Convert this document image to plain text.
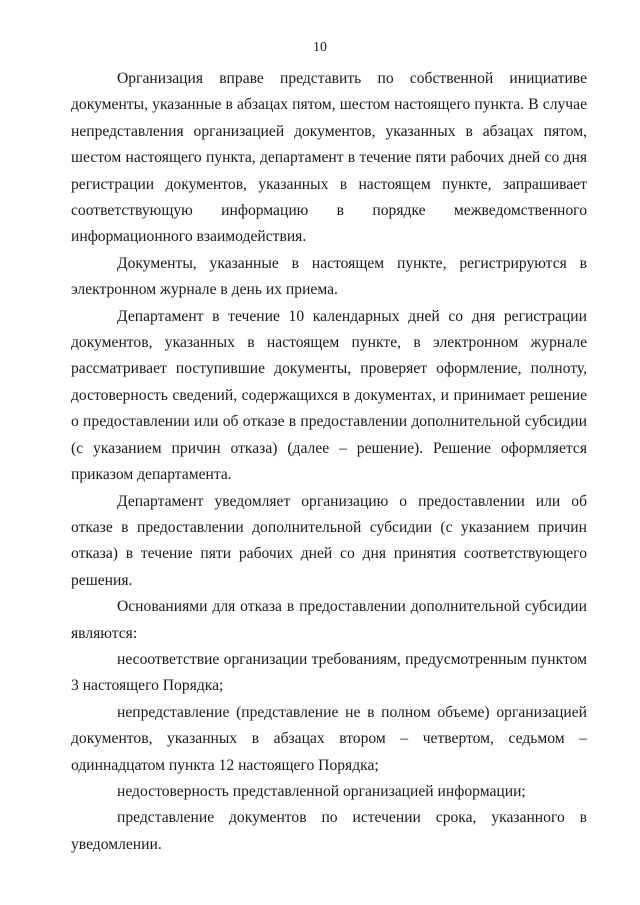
10

Организация вправе представить по собственной инициативе документы, указанные в абзацах пятом, шестом настоящего пункта. В случае непредставления организацией документов, указанных в абзацах пятом, шестом настоящего пункта, департамент в течение пяти рабочих дней со дня регистрации документов, указанных в настоящем пункте, запрашивает соответствующую информацию в порядке межведомственного информационного взаимодействия.

Документы, указанные в настоящем пункте, регистрируются в электронном журнале в день их приема.

Департамент в течение 10 календарных дней со дня регистрации документов, указанных в настоящем пункте, в электронном журнале рассматривает поступившие документы, проверяет оформление, полноту, достоверность сведений, содержащихся в документах, и принимает решение о предоставлении или об отказе в предоставлении дополнительной субсидии (с указанием причин отказа) (далее – решение). Решение оформляется приказом департамента.

Департамент уведомляет организацию о предоставлении или об отказе в предоставлении дополнительной субсидии (с указанием причин отказа) в течение пяти рабочих дней со дня принятия соответствующего решения.

Основаниями для отказа в предоставлении дополнительной субсидии являются:

несоответствие организации требованиям, предусмотренным пунктом 3 настоящего Порядка;

непредставление (представление не в полном объеме) организацией документов, указанных в абзацах втором – четвертом, седьмом – одиннадцатом пункта 12 настоящего Порядка;

недостоверность представленной организацией информации;

представление документов по истечении срока, указанного в уведомлении.
